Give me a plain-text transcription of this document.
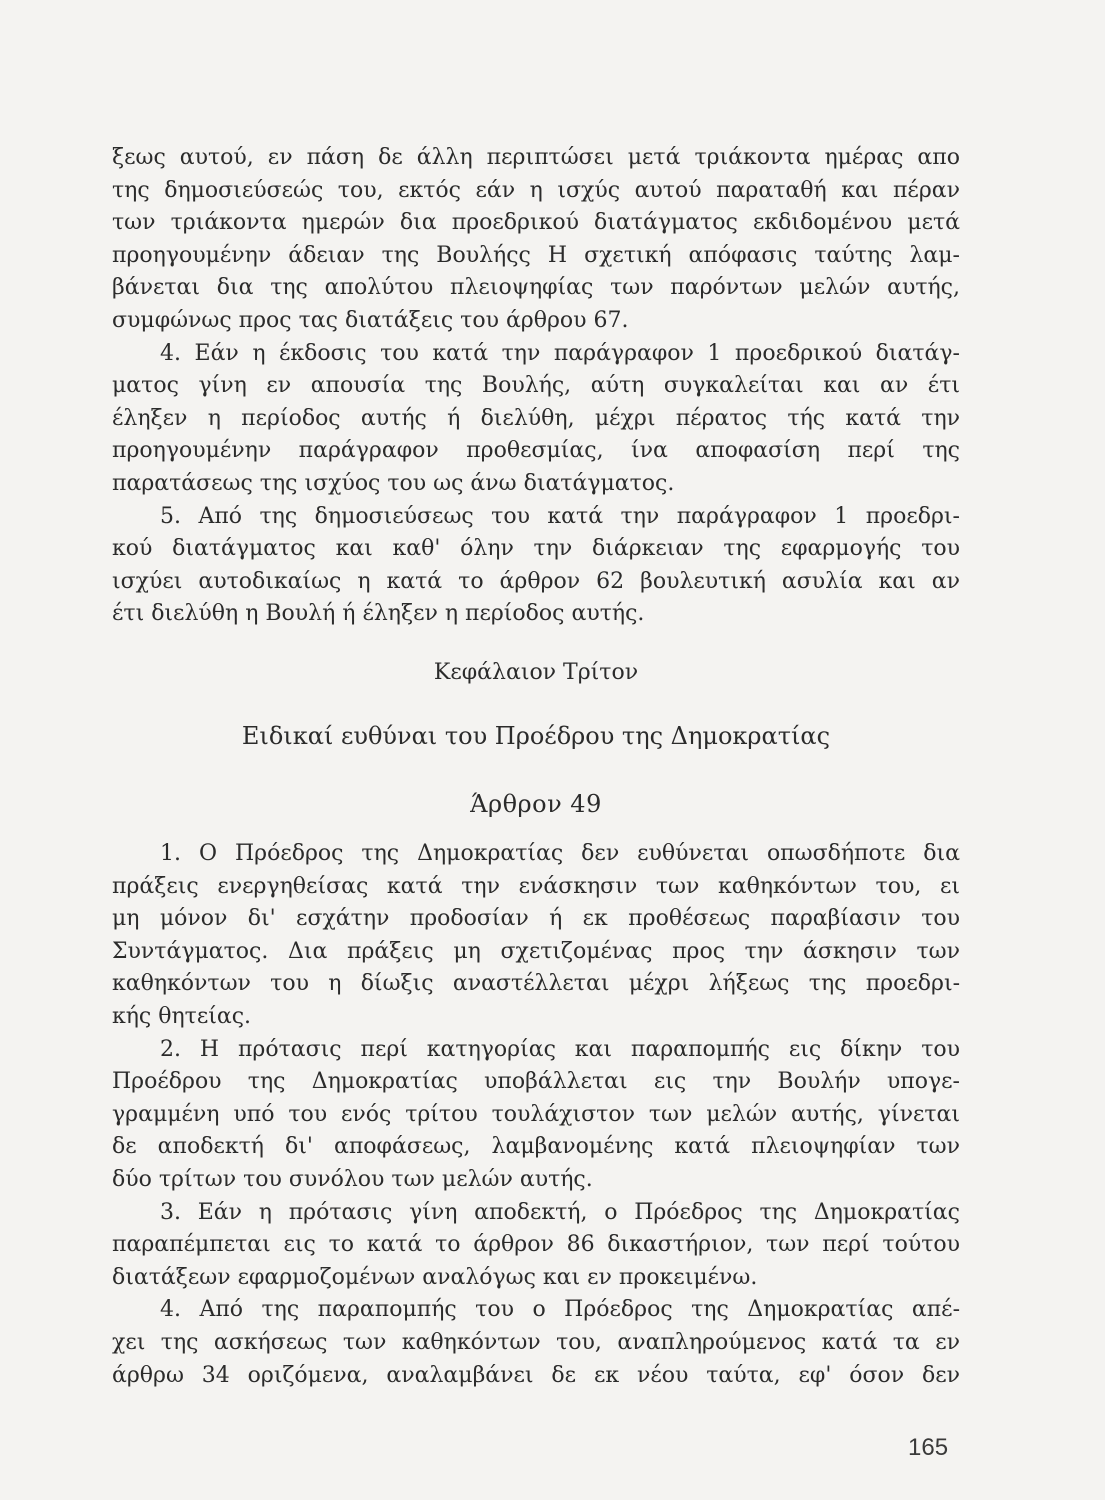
ξεως αυτού, εν πάση δε άλλη περιπτώσει μετά τριάκοντα ημέρας απο
της δημοσιεύσεώς του, εκτός εάν η ισχύς αυτού παραταθή και πέραν
των τριάκοντα ημερών δια προεδρικού διατάγματος εκδιδομένου μετά
προηγουμένην άδειαν της Βουλήςς Η σχετική απόφασις ταύτης λαμ-
βάνεται δια της απολύτου πλειοψηφίας των παρόντων μελών αυτής,
συμφώνως προς τας διατάξεις του άρθρου 67.
4. Εάν η έκδοσις του κατά την παράγραφον 1 προεδρικού διατάγ-
ματος γίνη εν απουσία της Βουλής, αύτη συγκαλείται και αν έτι
έληξεν η περίοδος αυτής ή διελύθη, μέχρι πέρατος τής κατά την
προηγουμένην παράγραφον προθεσμίας, ίνα αποφασίση περί της
παρατάσεως της ισχύος του ως άνω διατάγματος.
5. Από της δημοσιεύσεως του κατά την παράγραφον 1 προεδρι-
κού διατάγματος και καθ' όλην την διάρκειαν της εφαρμογής του
ισχύει αυτοδικαίως η κατά το άρθρον 62 βουλευτική ασυλία και αν
έτι διελύθη η Βουλή ή έληξεν η περίοδος αυτής.

Κεφάλαιον Τρίτον

Ειδικαί ευθύναι του Προέδρου της Δημοκρατίας

Άρθρον 49

1. Ο Πρόεδρος της Δημοκρατίας δεν ευθύνεται οπωσδήποτε δια
πράξεις ενεργηθείσας κατά την ενάσκησιν των καθηκόντων του, ει
μη μόνον δι' εσχάτην προδοσίαν ή εκ προθέσεως παραβίασιν του
Συντάγματος. Δια πράξεις μη σχετιζομένας προς την άσκησιν των
καθηκόντων του η δίωξις αναστέλλεται μέχρι λήξεως της προεδρι-
κής θητείας.
2. Η πρότασις περί κατηγορίας και παραπομπής εις δίκην του
Προέδρου της Δημοκρατίας υποβάλλεται εις την Βουλήν υπογε-
γραμμένη υπό του ενός τρίτου τουλάχιστον των μελών αυτής, γίνεται
δε αποδεκτή δι' αποφάσεως, λαμβανομένης κατά πλειοψηφίαν των
δύο τρίτων του συνόλου των μελών αυτής.
3. Εάν η πρότασις γίνη αποδεκτή, ο Πρόεδρος της Δημοκρατίας
παραπέμπεται εις το κατά το άρθρον 86 δικαστήριον, των περί τούτου
διατάξεων εφαρμοζομένων αναλόγως και εν προκειμένω.
4. Από της παραπομπής του ο Πρόεδρος της Δημοκρατίας απέ-
χει της ασκήσεως των καθηκόντων του, αναπληρούμενος κατά τα εν
άρθρω 34 οριζόμενα, αναλαμβάνει δε εκ νέου ταύτα, εφ' όσον δεν
165
